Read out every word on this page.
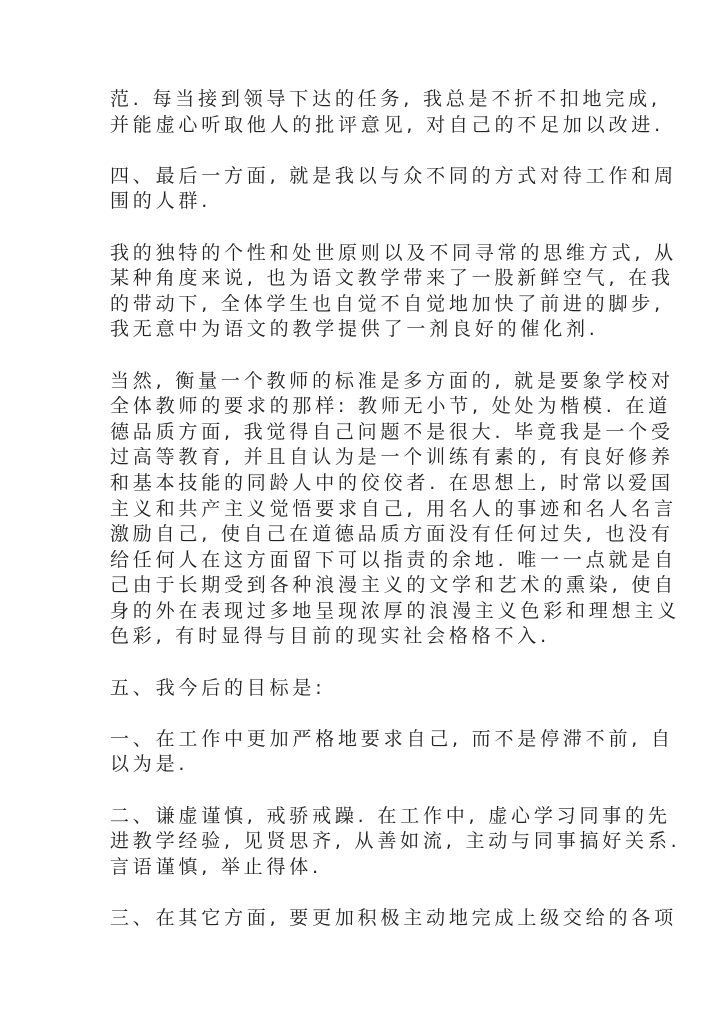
范. 每当接到领导下达的任务, 我总是不折不扣地完成,
并能虚心听取他人的批评意见, 对自己的不足加以改进.
四、最后一方面, 就是我以与众不同的方式对待工作和周
围的人群.
我的独特的个性和处世原则以及不同寻常的思维方式, 从
某种角度来说, 也为语文教学带来了一股新鲜空气, 在我
的带动下, 全体学生也自觉不自觉地加快了前进的脚步,
我无意中为语文的教学提供了一剂良好的催化剂.
当然, 衡量一个教师的标准是多方面的, 就是要象学校对
全体教师的要求的那样: 教师无小节, 处处为楷模. 在道
德品质方面, 我觉得自己问题不是很大. 毕竟我是一个受
过高等教育, 并且自认为是一个训练有素的, 有良好修养
和基本技能的同龄人中的佼佼者. 在思想上, 时常以爱国
主义和共产主义觉悟要求自己, 用名人的事迹和名人名言
激励自己, 使自己在道德品质方面没有任何过失, 也没有
给任何人在这方面留下可以指责的余地. 唯一一点就是自
己由于长期受到各种浪漫主义的文学和艺术的熏染, 使自
身的外在表现过多地呈现浓厚的浪漫主义色彩和理想主义
色彩, 有时显得与目前的现实社会格格不入.
五、我今后的目标是:
一、在工作中更加严格地要求自己, 而不是停滞不前, 自
以为是.
二、谦虚谨慎, 戒骄戒躁. 在工作中, 虚心学习同事的先
进教学经验, 见贤思齐, 从善如流, 主动与同事搞好关系.
言语谨慎, 举止得体.
三、在其它方面, 要更加积极主动地完成上级交给的各项
